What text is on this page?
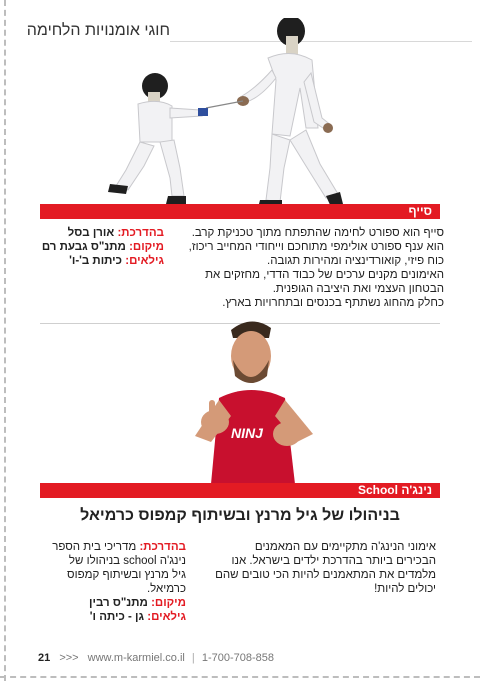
חוגי אומנויות הלחימה
סייף
סייף הוא ספורט לחימה שהתפתח מתוך טכניקת קרב.
הוא ענף ספורט אולימפי מתוחכם וייחודי המחייב ריכוז,
כוח פיזי, קואורדינציה ומהירות תגובה.
האימונים מקנים ערכים של כבוד הדדי, מחזקים את
הבטחון העצמי ואת היציבה הגופנית.
כחלק מהחוג נשתתף בכנסים ובתחרויות בארץ.
בהדרכת: אורן בסל
מיקום: מתנ"ס גבעת רם
גילאים: כיתות ב'-ו'
NINJ
נינג'ה School
בניהולו של גיל מרנץ ובשיתוף קמפוס כרמיאל
אימוני הנינג'ה מתקיימים עם המאמנים
הבכירים ביותר בהדרכת ילדים בישראל. אנו
מלמדים את המתאמנים להיות הכי טובים שהם
יכולים להיות!
בהדרכת: מדריכי בית הספר
נינג'ה school בניהולו של
גיל מרנץ ובשיתוף קמפוס
כרמיאל.
מיקום: מתנ"ס רבין
גילאים: גן - כיתה ו'
21 >>> www.m-karmiel.co.il | 1-700-708-858
